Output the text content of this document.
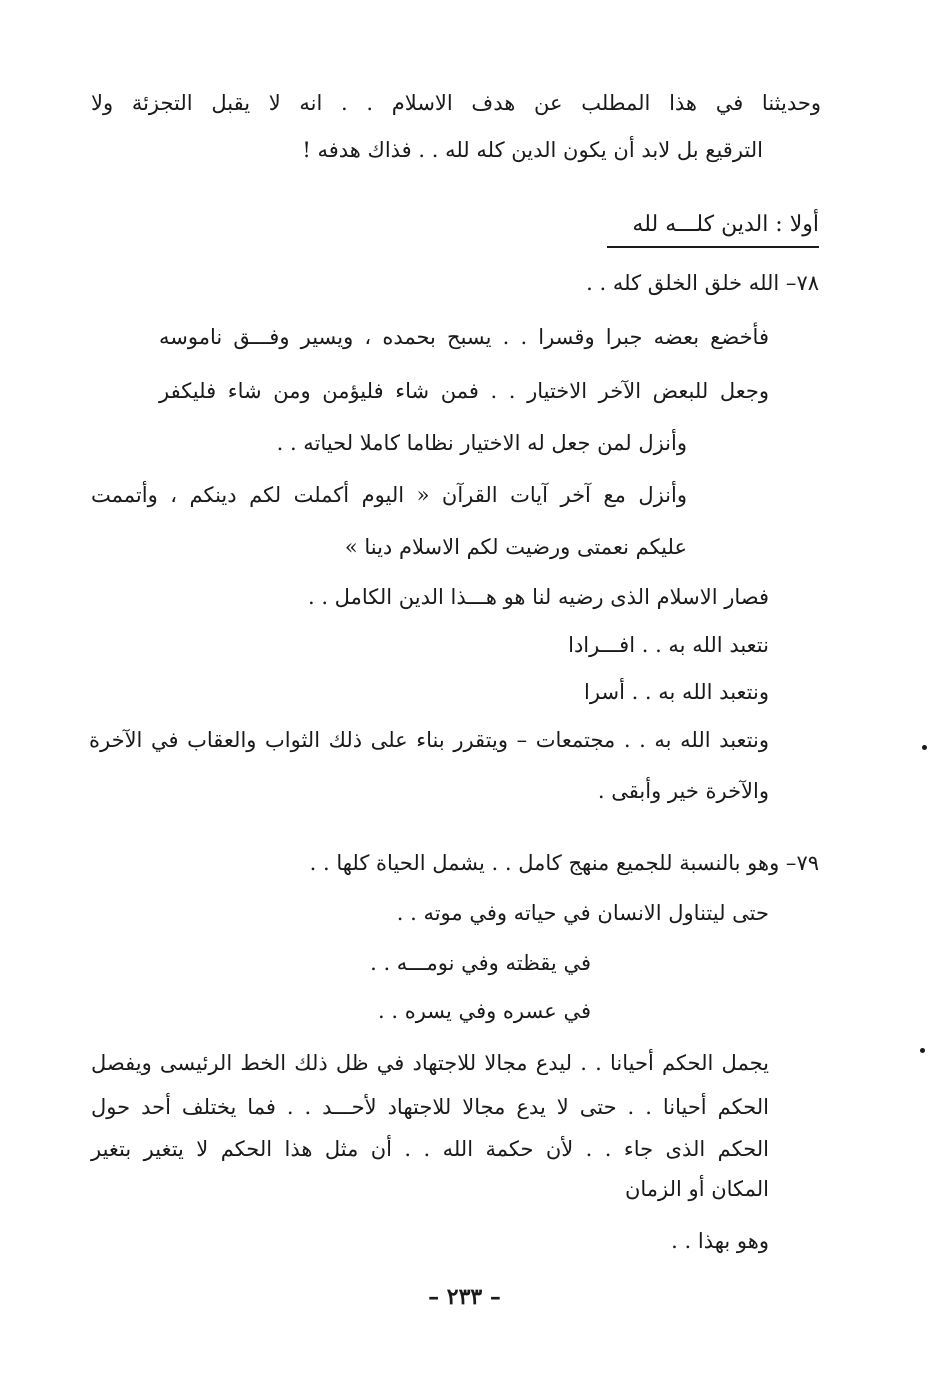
وحديثنا في هذا المطلب عن هدف الاسلام . . انه لا يقبل التجزئة ولا
الترقيع بل لابد أن يكون الدين كله لله . . فذاك هدفه !
أولا : الدين كلـــه لله
٧٨– الله خلق الخلق كله . .
فأخضع بعضه جبرا وقسرا . . يسبح بحمده ، ويسير وفـــق ناموسه
وجعل للبعض الآخر الاختيار . . فمن شاء فليؤمن ومن شاء فليكفر
وأنزل لمن جعل له الاختيار نظاما كاملا لحياته . .
وأنزل مع آخر آيات القرآن « اليوم أكملت لكم دينكم ، وأتممت
عليكم نعمتى ورضيت لكم الاسلام دينا »
فصار الاسلام الذى رضيه لنا هو هـــذا الدين الكامل . .
نتعبد الله به . . افـــرادا
ونتعبد الله به . . أسرا
ونتعبد الله به . . مجتمعات – ويتقرر بناء على ذلك الثواب والعقاب في الآخرة
والآخرة خير وأبقى .
٧٩– وهو بالنسبة للجميع منهج كامل . . يشمل الحياة كلها . .
حتى ليتناول الانسان في حياته وفي موته . .
في يقظته وفي نومـــه . .
في عسره وفي يسره . .
يجمل الحكم أحيانا . . ليدع مجالا للاجتهاد في ظل ذلك الخط الرئيسى ويفصل
الحكم أحيانا . . حتى لا يدع مجالا للاجتهاد لأحـــد . . فما يختلف أحد حول
الحكم الذى جاء . . لأن حكمة الله . . أن مثل هذا الحكم لا يتغير بتغير
المكان أو الزمان
وهو بهذا . .
– ٢٣٣ –
